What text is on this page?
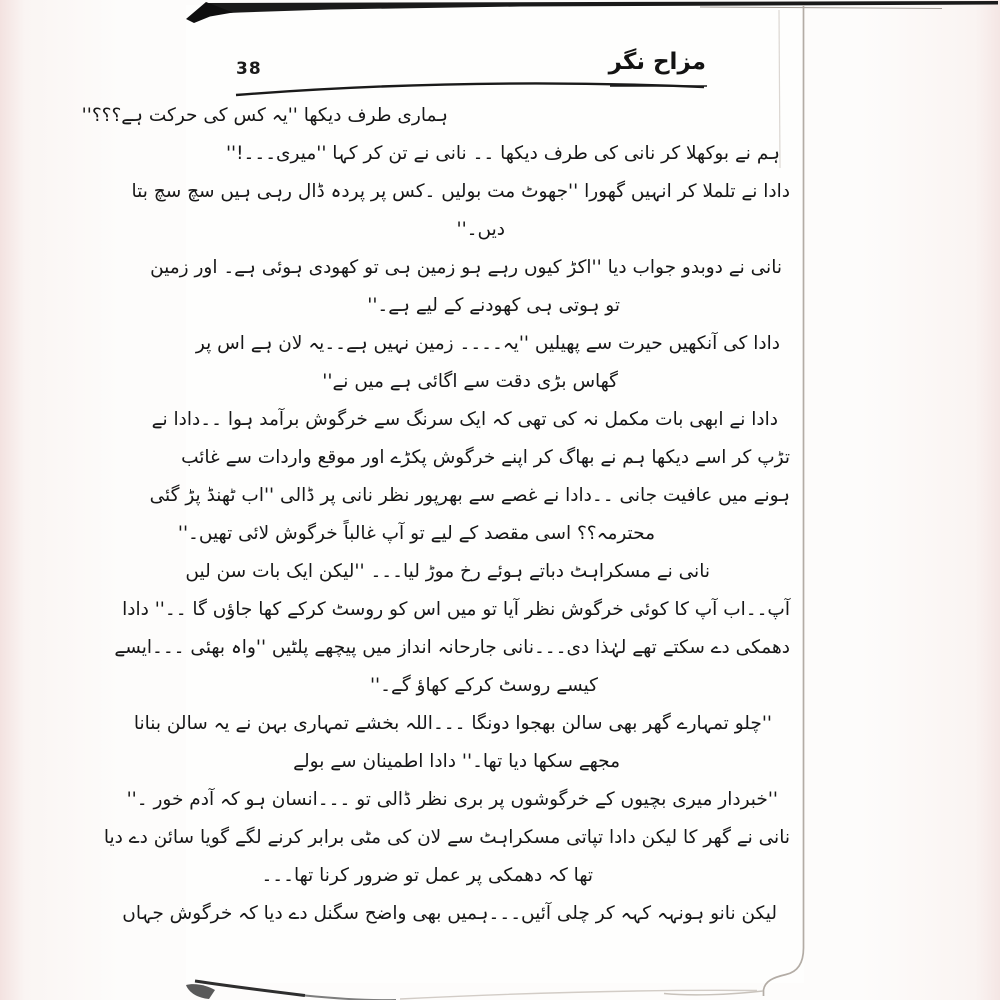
38	مزاح نگر
ہماری طرف دیکھا ''یہ کس کی حرکت ہے؟؟؟''
ہم نے بوکھلا کر نانی کی طرف دیکھا ۔۔ نانی نے تن کر کہا ''میری۔۔۔!''
دادا نے تلملا کر انہیں گھورا ''جھوٹ مت بولیں ۔کس پر پردہ ڈال رہی ہیں سچ سچ بتا
دیں۔''
نانی نے دوبدو جواب دیا ''اکڑ کیوں رہے ہو زمین ہی تو کھودی ہوئی ہے۔ اور زمین
تو ہوتی ہی کھودنے کے لیے ہے۔''
دادا کی آنکھیں حیرت سے پھیلیں ''یہ۔۔۔۔ زمین نہیں ہے۔۔یہ لان ہے اس پر
گھاس بڑی دقت سے اگائی ہے میں نے''
دادا نے ابھی بات مکمل نہ کی تھی کہ ایک سرنگ سے خرگوش برآمد ہوا ۔۔دادا نے
تڑپ کر اسے دیکھا ہم نے بھاگ کر اپنے خرگوش پکڑے اور موقع واردات سے غائب
ہونے میں عافیت جانی ۔۔دادا نے غصے سے بھرپور نظر نانی پر ڈالی ''اب ٹھنڈ پڑ گئی
محترمہ؟؟ اسی مقصد کے لیے تو آپ غالباً خرگوش لائی تھیں۔''
نانی نے مسکراہٹ دباتے ہوئے رخ موڑ لیا۔۔۔ ''لیکن ایک بات سن لیں
آپ۔۔اب آپ کا کوئی خرگوش نظر آیا تو میں اس کو روسٹ کرکے کھا جاؤں گا ۔۔'' دادا
دھمکی دے سکتے تھے لہٰذا دی۔۔۔نانی جارحانہ انداز میں پیچھے پلٹیں ''واہ بھئی ۔۔۔ایسے
کیسے روسٹ کرکے کھاؤ گے۔''
''چلو تمہارے گھر بھی سالن بھجوا دونگا ۔۔۔اللہ بخشے تمہاری بہن نے یہ سالن بنانا
مجھے سکھا دیا تھا۔'' دادا اطمینان سے بولے
''خبردار میری بچیوں کے خرگوشوں پر بری نظر ڈالی تو ۔۔۔انسان ہو کہ آدم خور ۔''
نانی نے گھر کا لیکن دادا تپاتی مسکراہٹ سے لان کی مٹی برابر کرنے لگے گویا سائن دے دیا
تھا کہ دھمکی پر عمل تو ضرور کرنا تھا۔۔۔
لیکن نانو ہونہہ کہہ کر چلی آئیں۔۔۔ہمیں بھی واضح سگنل دے دیا کہ خرگوش جہاں
